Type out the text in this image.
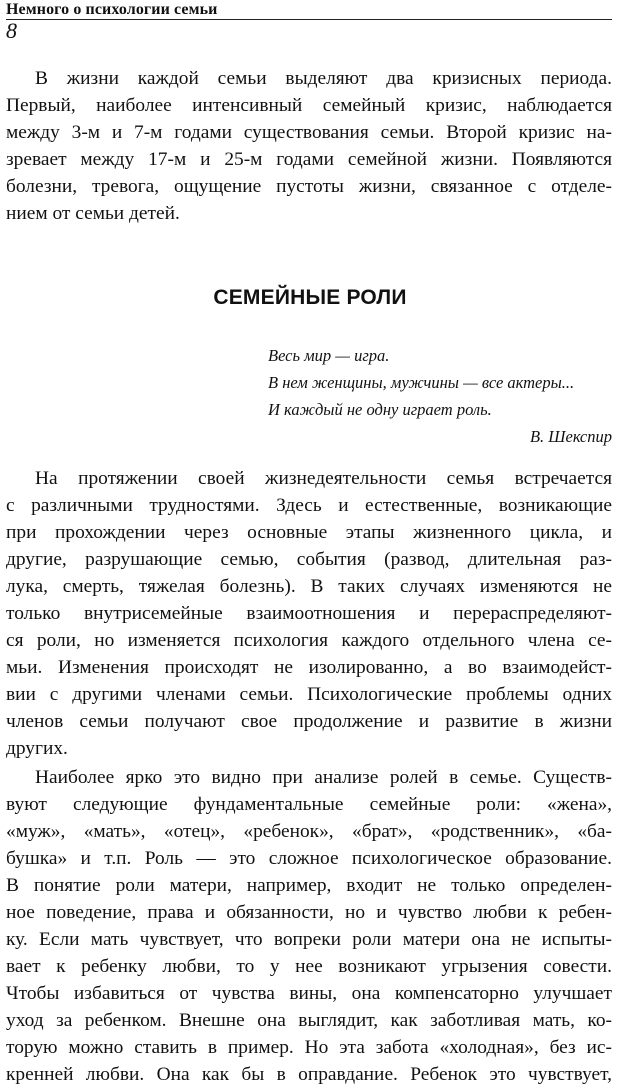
Немного о психологии семьи
8
В жизни каждой семьи выделяют два кризисных периода.
Первый, наиболее интенсивный семейный кризис, наблюдается
между 3-м и 7-м годами существования семьи. Второй кризис на-
зревает между 17-м и 25-м годами семейной жизни. Появляются
болезни, тревога, ощущение пустоты жизни, связанное с отделе-
нием от семьи детей.
СЕМЕЙНЫЕ РОЛИ
Весь мир — игра.
В нем женщины, мужчины — все актеры...
И каждый не одну играет роль.
В. Шекспир
На протяжении своей жизнедеятельности семья встречается
с различными трудностями. Здесь и естественные, возникающие
при прохождении через основные этапы жизненного цикла, и
другие, разрушающие семью, события (развод, длительная раз-
лука, смерть, тяжелая болезнь). В таких случаях изменяются не
только внутрисемейные взаимоотношения и перераспределяют-
ся роли, но изменяется психология каждого отдельного члена се-
мьи. Изменения происходят не изолированно, а во взаимодейст-
вии с другими членами семьи. Психологические проблемы одних
членов семьи получают свое продолжение и развитие в жизни
других.
Наиболее ярко это видно при анализе ролей в семье. Существ-
вуют следующие фундаментальные семейные роли: «жена»,
«муж», «мать», «отец», «ребенок», «брат», «родственник», «ба-
бушка» и т.п. Роль — это сложное психологическое образование.
В понятие роли матери, например, входит не только определен-
ное поведение, права и обязанности, но и чувство любви к ребен-
ку. Если мать чувствует, что вопреки роли матери она не испыты-
вает к ребенку любви, то у нее возникают угрызения совести.
Чтобы избавиться от чувства вины, она компенсаторно улучшает
уход за ребенком. Внешне она выглядит, как заботливая мать, ко-
торую можно ставить в пример. Но эта забота «холодная», без ис-
кренней любви. Она как бы в оправдание. Ребенок это чувствует,
